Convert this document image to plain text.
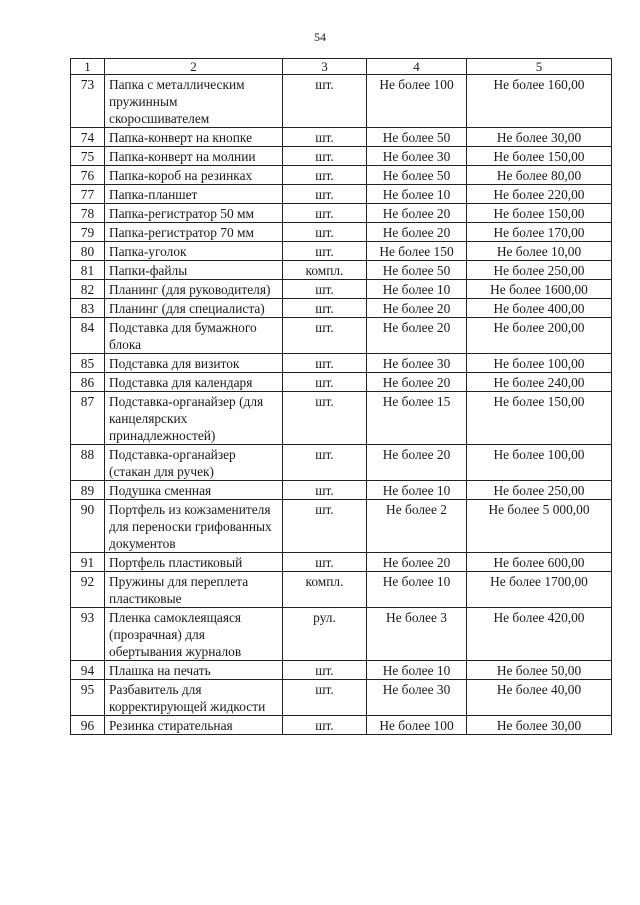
54
1	2	3	4	5
73	Папка с металлическим пружинным скоросшивателем	шт.	Не более 100	Не более 160,00
74	Папка-конверт на кнопке	шт.	Не более 50	Не более 30,00
75	Папка-конверт на молнии	шт.	Не более 30	Не более 150,00
76	Папка-короб на резинках	шт.	Не более 50	Не более 80,00
77	Папка-планшет	шт.	Не более 10	Не более 220,00
78	Папка-регистратор 50 мм	шт.	Не более 20	Не более 150,00
79	Папка-регистратор 70 мм	шт.	Не более 20	Не более 170,00
80	Папка-уголок	шт.	Не более 150	Не более 10,00
81	Папки-файлы	компл.	Не более 50	Не более 250,00
82	Планинг (для руководителя)	шт.	Не более 10	Не более 1600,00
83	Планинг (для специалиста)	шт.	Не более 20	Не более 400,00
84	Подставка для бумажного блока	шт.	Не более 20	Не более 200,00
85	Подставка для визиток	шт.	Не более 30	Не более 100,00
86	Подставка для календаря	шт.	Не более 20	Не более 240,00
87	Подставка-органайзер (для канцелярских принадлежностей)	шт.	Не более 15	Не более 150,00
88	Подставка-органайзер (стакан для ручек)	шт.	Не более 20	Не более 100,00
89	Подушка сменная	шт.	Не более 10	Не более 250,00
90	Портфель из кожзаменителя для переноски грифованных документов	шт.	Не более 2	Не более 5 000,00
91	Портфель пластиковый	шт.	Не более 20	Не более 600,00
92	Пружины для переплета пластиковые	компл.	Не более 10	Не более 1700,00
93	Пленка самоклеящаяся (прозрачная) для обертывания журналов	рул.	Не более 3	Не более 420,00
94	Плашка на печать	шт.	Не более 10	Не более 50,00
95	Разбавитель для корректирующей жидкости	шт.	Не более 30	Не более 40,00
96	Резинка стирательная	шт.	Не более 100	Не более 30,00
